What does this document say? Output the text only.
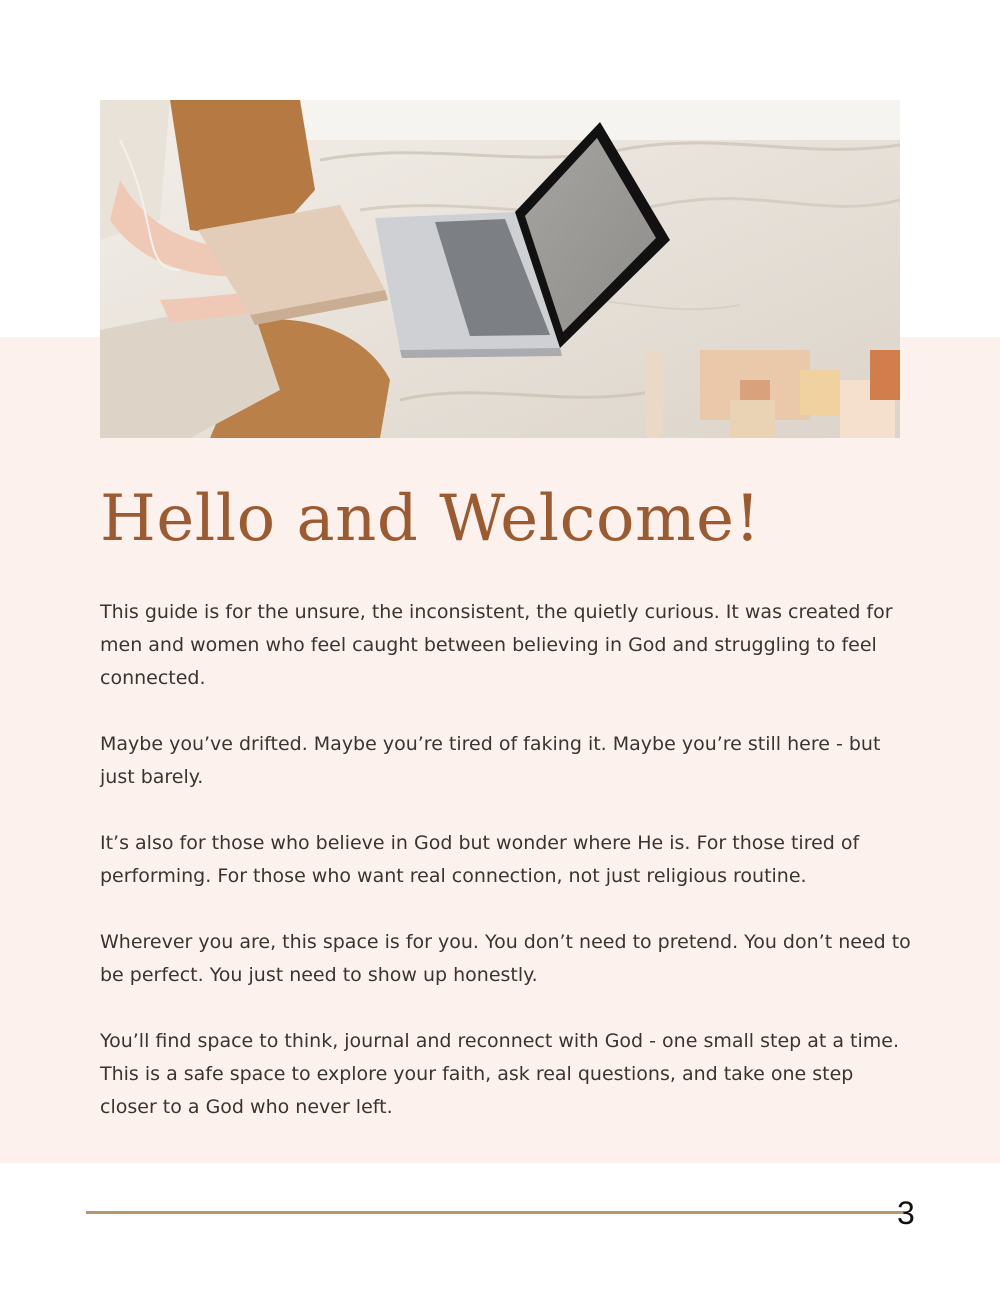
Hello and Welcome!

This guide is for the unsure, the inconsistent, the quietly curious. It was created for men and women who feel caught between believing in God and struggling to feel connected.

Maybe you’ve drifted. Maybe you’re tired of faking it. Maybe you’re still here - but just barely.

It’s also for those who believe in God but wonder where He is. For those tired of performing. For those who want real connection, not just religious routine.

Wherever you are, this space is for you. You don’t need to pretend. You don’t need to be perfect. You just need to show up honestly.

You’ll find space to think, journal and reconnect with God - one small step at a time. This is a safe space to explore your faith, ask real questions, and take one step closer to a God who never left.

3
